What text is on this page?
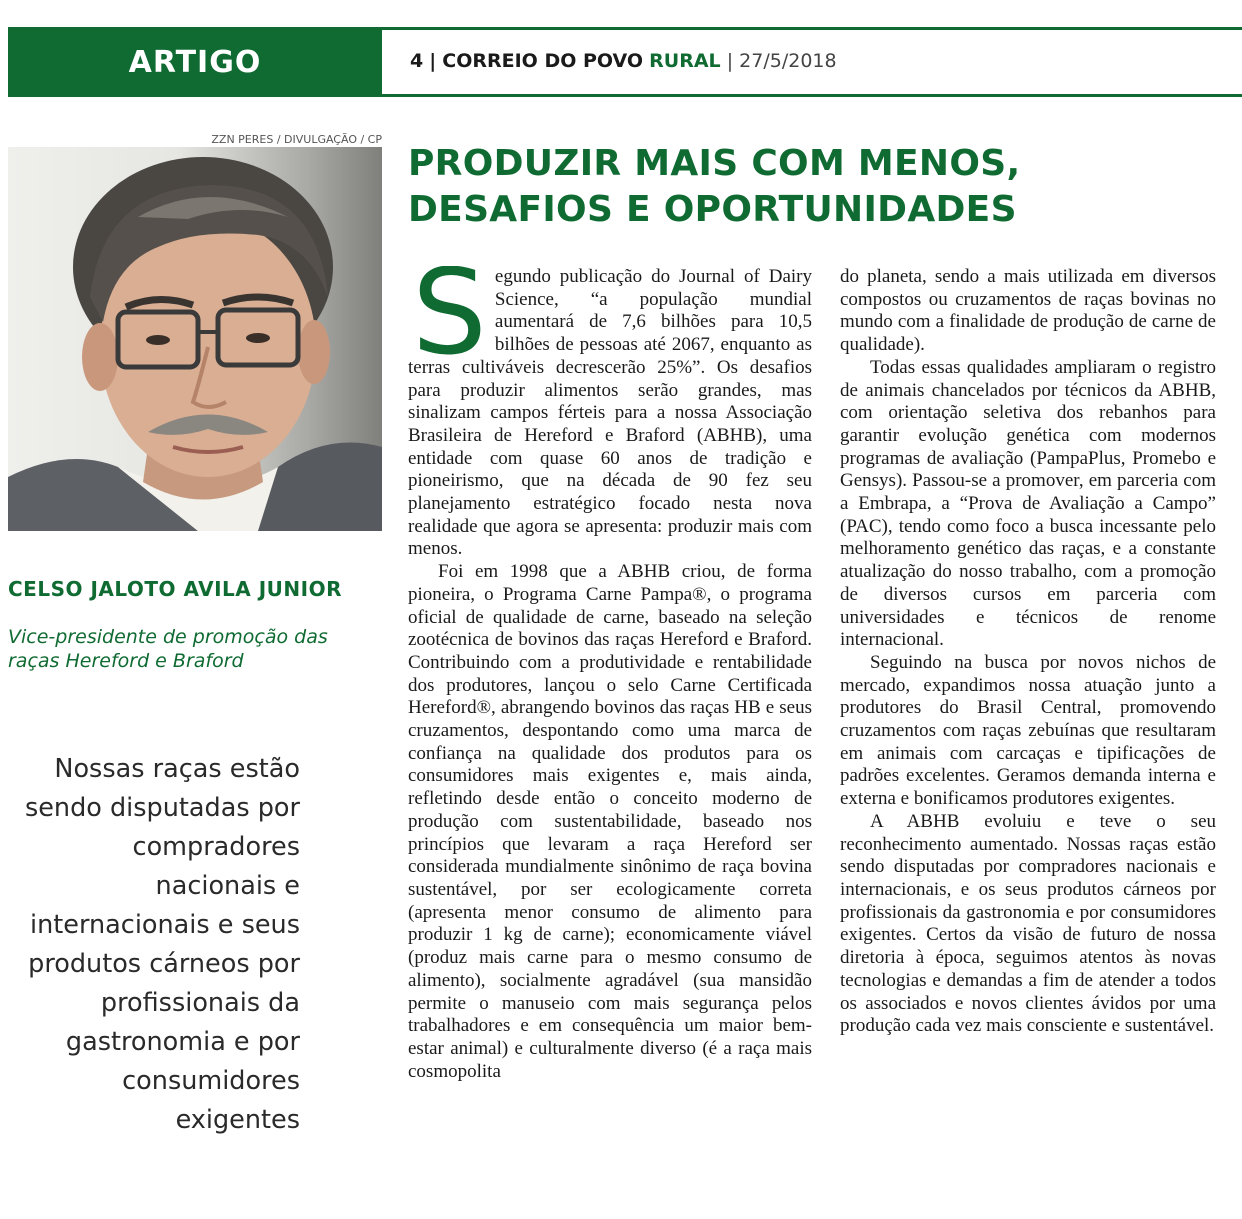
ARTIGO	4 | CORREIO DO POVO RURAL | 27/5/2018
ZZN PERES / DIVULGAÇÃO / CP
CELSO JALOTO AVILA JUNIOR
Vice-presidente de promoção das raças Hereford e Braford
Nossas raças estão sendo disputadas por compradores nacionais e internacionais e seus produtos cárneos por profissionais da gastronomia e por consumidores exigentes
PRODUZIR MAIS COM MENOS, DESAFIOS E OPORTUNIDADES
S egundo publicação do Journal of Dairy Science, “a população mundial aumentará de 7,6 bilhões para 10,5 bilhões de pessoas até 2067, enquanto as terras cultiváveis decrescerão 25%”. Os desafios para produzir alimentos serão grandes, mas sinalizam campos férteis para a nossa Associação Brasileira de Hereford e Braford (ABHB), uma entidade com quase 60 anos de tradição e pioneirismo, que na década de 90 fez seu planejamento estratégico focado nesta nova realidade que agora se apresenta: produzir mais com menos.

Foi em 1998 que a ABHB criou, de forma pioneira, o Programa Carne Pampa®, o programa oficial de qualidade de carne, baseado na seleção zootécnica de bovinos das raças Hereford e Braford. Contribuindo com a produtividade e rentabilidade dos produtores, lançou o selo Carne Certificada Hereford®, abrangendo bovinos das raças HB e seus cruzamentos, despontando como uma marca de confiança na qualidade dos produtos para os consumidores mais exigentes e, mais ainda, refletindo desde então o conceito moderno de produção com sustentabilidade, baseado nos princípios que levaram a raça Hereford ser considerada mundialmente sinônimo de raça bovina sustentável, por ser ecologicamente correta (apresenta menor consumo de alimento para produzir 1 kg de carne); economicamente viável (produz mais carne para o mesmo consumo de alimento), socialmente agradável (sua mansidão permite o manuseio com mais segurança pelos trabalhadores e em consequência um maior bem-estar animal) e culturalmente diverso (é a raça mais cosmopolita

do planeta, sendo a mais utilizada em diversos compostos ou cruzamentos de raças bovinas no mundo com a finalidade de produção de carne de qualidade).

Todas essas qualidades ampliaram o registro de animais chancelados por técnicos da ABHB, com orientação seletiva dos rebanhos para garantir evolução genética com modernos programas de avaliação (PampaPlus, Promebo e Gensys). Passou-se a promover, em parceria com a Embrapa, a “Prova de Avaliação a Campo” (PAC), tendo como foco a busca incessante pelo melhoramento genético das raças, e a constante atualização do nosso trabalho, com a promoção de diversos cursos em parceria com universidades e técnicos de renome internacional.

Seguindo na busca por novos nichos de mercado, expandimos nossa atuação junto a produtores do Brasil Central, promovendo cruzamentos com raças zebuínas que resultaram em animais com carcaças e tipificações de padrões excelentes. Geramos demanda interna e externa e bonificamos produtores exigentes.

A ABHB evoluiu e teve o seu reconhecimento aumentado. Nossas raças estão sendo disputadas por compradores nacionais e internacionais, e os seus produtos cárneos por profissionais da gastronomia e por consumidores exigentes. Certos da visão de futuro de nossa diretoria à época, seguimos atentos às novas tecnologias e demandas a fim de atender a todos os associados e novos clientes ávidos por uma produção cada vez mais consciente e sustentável.
